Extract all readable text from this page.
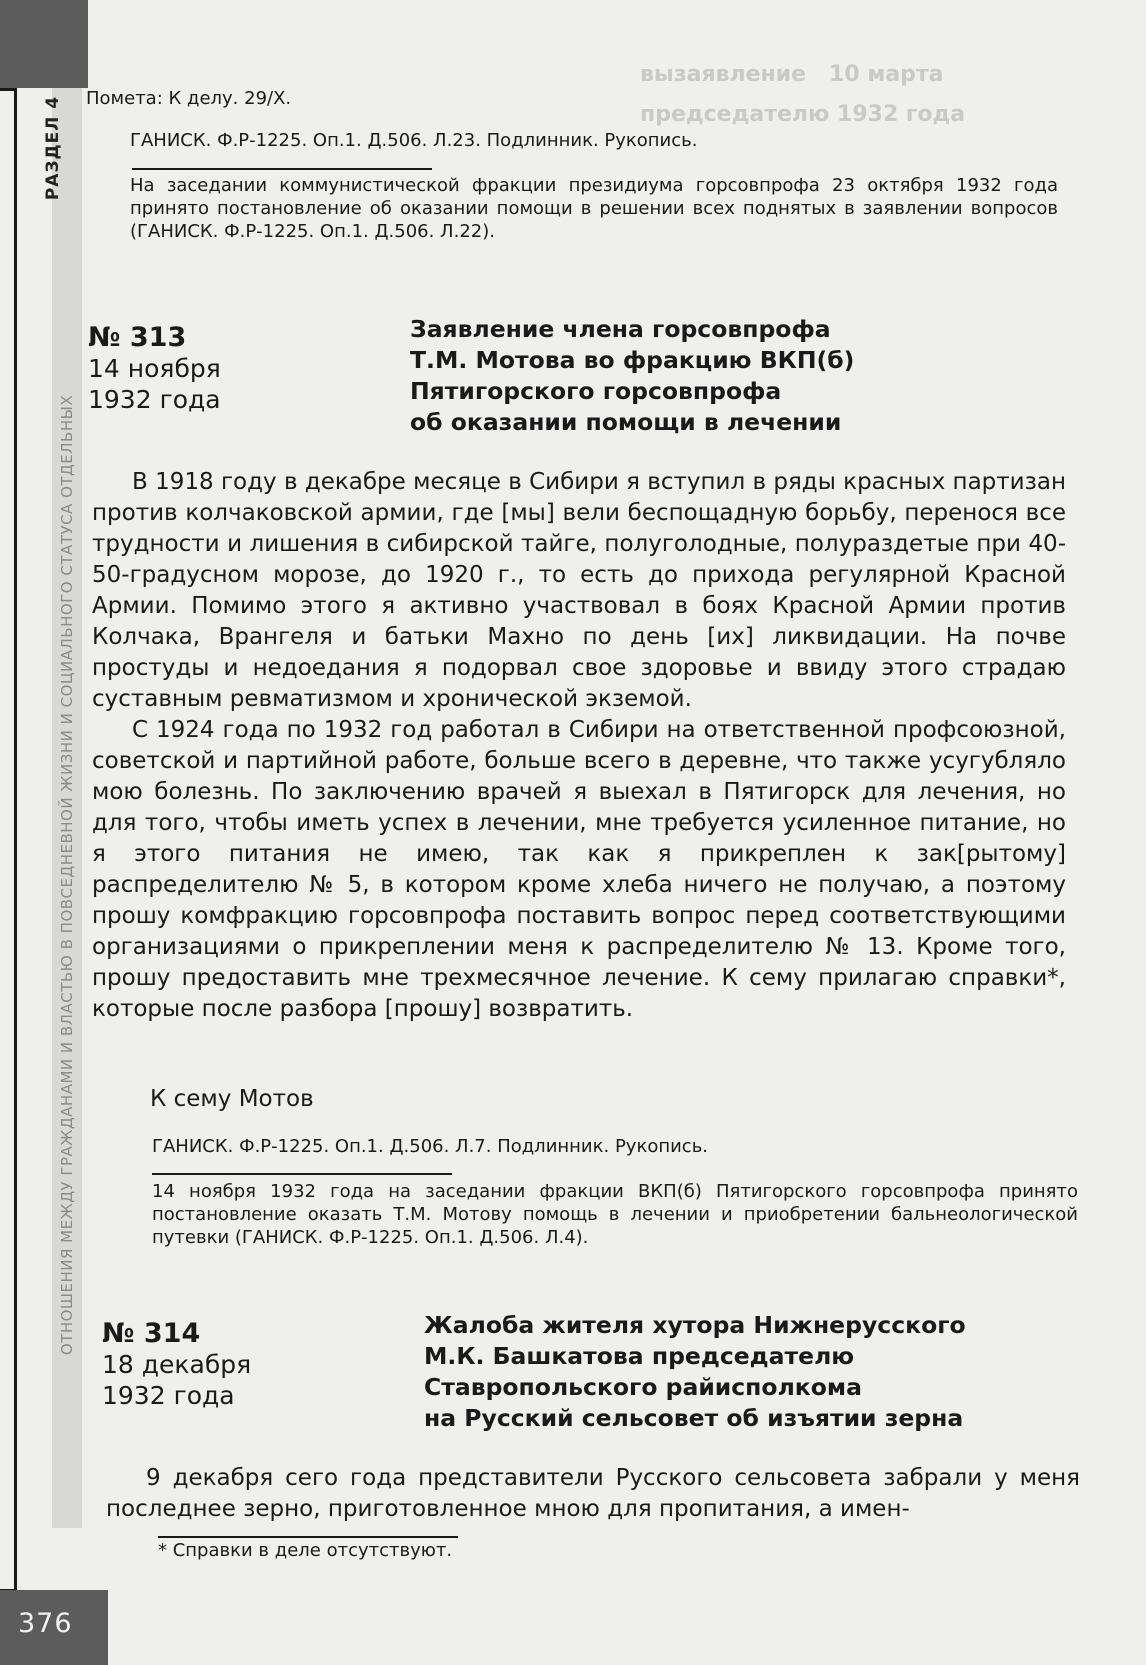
вызаявление   10 марта
председателю 1932 года

РАЗДЕЛ 4
ОТНОШЕНИЯ МЕЖДУ ГРАЖДАНАМИ И ВЛАСТЬЮ В ПОВСЕДНЕВНОЙ ЖИЗНИ И СОЦИАЛЬНОГО СТАТУСА ОТДЕЛЬНЫХ
376
Помета: К делу. 29/Х.
ГАНИСК. Ф.Р-1225. Оп.1. Д.506. Л.23. Подлинник. Рукопись.
На заседании коммунистической фракции президиума горсовпрофа 23 октября 1932 года принято постановление об оказании помощи в решении всех поднятых в заявлении вопросов (ГАНИСК. Ф.Р-1225. Оп.1. Д.506. Л.22).
№ 313
14 ноября
1932 года
Заявление члена горсовпрофа
Т.М. Мотова во фракцию ВКП(б)
Пятигорского горсовпрофа
об оказании помощи в лечении

В 1918 году в декабре месяце в Сибири я вступил в ряды красных партизан против колчаковской армии, где [мы] вели беспощадную борьбу, перенося все трудности и лишения в сибирской тайге, полуголодные, полураздетые при 40-50-градусном морозе, до 1920 г., то есть до прихода регулярной Красной Армии. Помимо этого я активно участвовал в боях Красной Армии против Колчака, Врангеля и батьки Махно по день [их] ликвидации. На почве простуды и недоедания я подорвал свое здоровье и ввиду этого страдаю суставным ревматизмом и хронической экземой.

С 1924 года по 1932 год работал в Сибири на ответственной профсоюзной, советской и партийной работе, больше всего в деревне, что также усугубляло мою болезнь. По заключению врачей я выехал в Пятигорск для лечения, но для того, чтобы иметь успех в лечении, мне требуется усиленное питание, но я этого питания не имею, так как я прикреплен к зак[рытому] распределителю № 5, в котором кроме хлеба ничего не получаю, а поэтому прошу комфракцию горсовпрофа поставить вопрос перед соответствующими организациями о прикреплении меня к распределителю № 13. Кроме того, прошу предоставить мне трехмесячное лечение. К сему прилагаю справки*, которые после разбора [прошу] возвратить.

К сему Мотов
ГАНИСК. Ф.Р-1225. Оп.1. Д.506. Л.7. Подлинник. Рукопись.
14 ноября 1932 года на заседании фракции ВКП(б) Пятигорского горсовпрофа принято постановление оказать Т.М. Мотову помощь в лечении и приобретении бальнеологической путевки (ГАНИСК. Ф.Р-1225. Оп.1. Д.506. Л.4).
№ 314
18 декабря
1932 года
Жалоба жителя хутора Нижнерусского
М.К. Башкатова председателю
Ставропольского райисполкома
на Русский сельсовет об изъятии зерна

9 декабря сего года представители Русского сельсовета забрали у меня последнее зерно, приготовленное мною для пропитания, а имен-

* Справки в деле отсутствуют.
